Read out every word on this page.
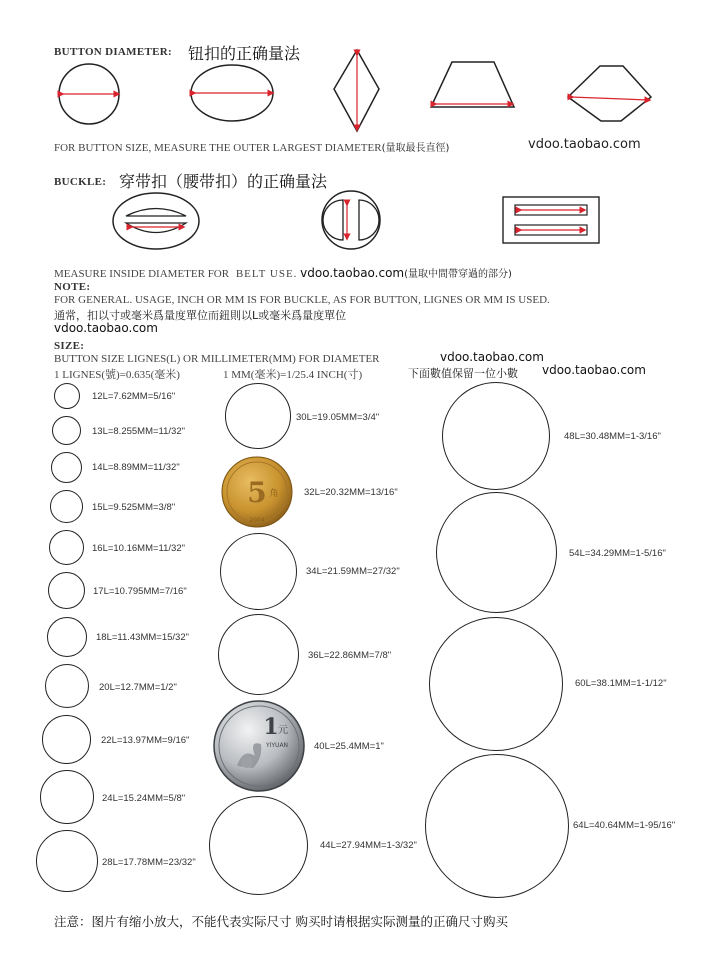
BUTTON DIAMETER: 钮扣的正确量法
FOR BUTTON SIZE, MEASURE THE OUTER LARGEST DIAMETER(量取最長直徑)	vdoo.taobao.com
BUCKLE: 穿带扣（腰带扣）的正确量法
MEASURE INSIDE DIAMETER FOR BELT USE. vdoo.taobao.com(量取中間帶穿過的部分)
NOTE:
FOR GENERAL. USAGE, INCH OR MM IS FOR BUCKLE, AS FOR BUTTON, LIGNES OR MM IS USED.
通常，扣以寸或毫米爲量度單位而鈕則以L或毫米爲量度單位
vdoo.taobao.com
SIZE:
BUTTON SIZE LIGNES(L) OR MILLIMETER(MM) FOR DIAMETER	vdoo.taobao.com
1 LIGNES(號)=0.635(毫米)	1 MM(毫米)=1/25.4 INCH(寸)	下面數值保留一位小數 vdoo.taobao.com
12L=7.62MM=5/16"
13L=8.255MM=11/32"
14L=8.89MM=11/32"
15L=9.525MM=3/8"
16L=10.16MM=11/32"
17L=10.795MM=7/16"
18L=11.43MM=15/32"
20L=12.7MM=1/2"
22L=13.97MM=9/16"
24L=15.24MM=5/8"
28L=17.78MM=23/32"
30L=19.05MM=3/4"
5 角
2004
32L=20.32MM=13/16"
34L=21.59MM=27/32"
36L=22.86MM=7/8"
1 元
YIYUAN	40L=25.4MM=1"
44L=27.94MM=1-3/32"
48L=30.48MM=1-3/16"
54L=34.29MM=1-5/16"
60L=38.1MM=1-1/12"
64L=40.64MM=1-95/16"
注意：图片有缩小放大，不能代表实际尺寸 购买时请根据实际测量的正确尺寸购买
